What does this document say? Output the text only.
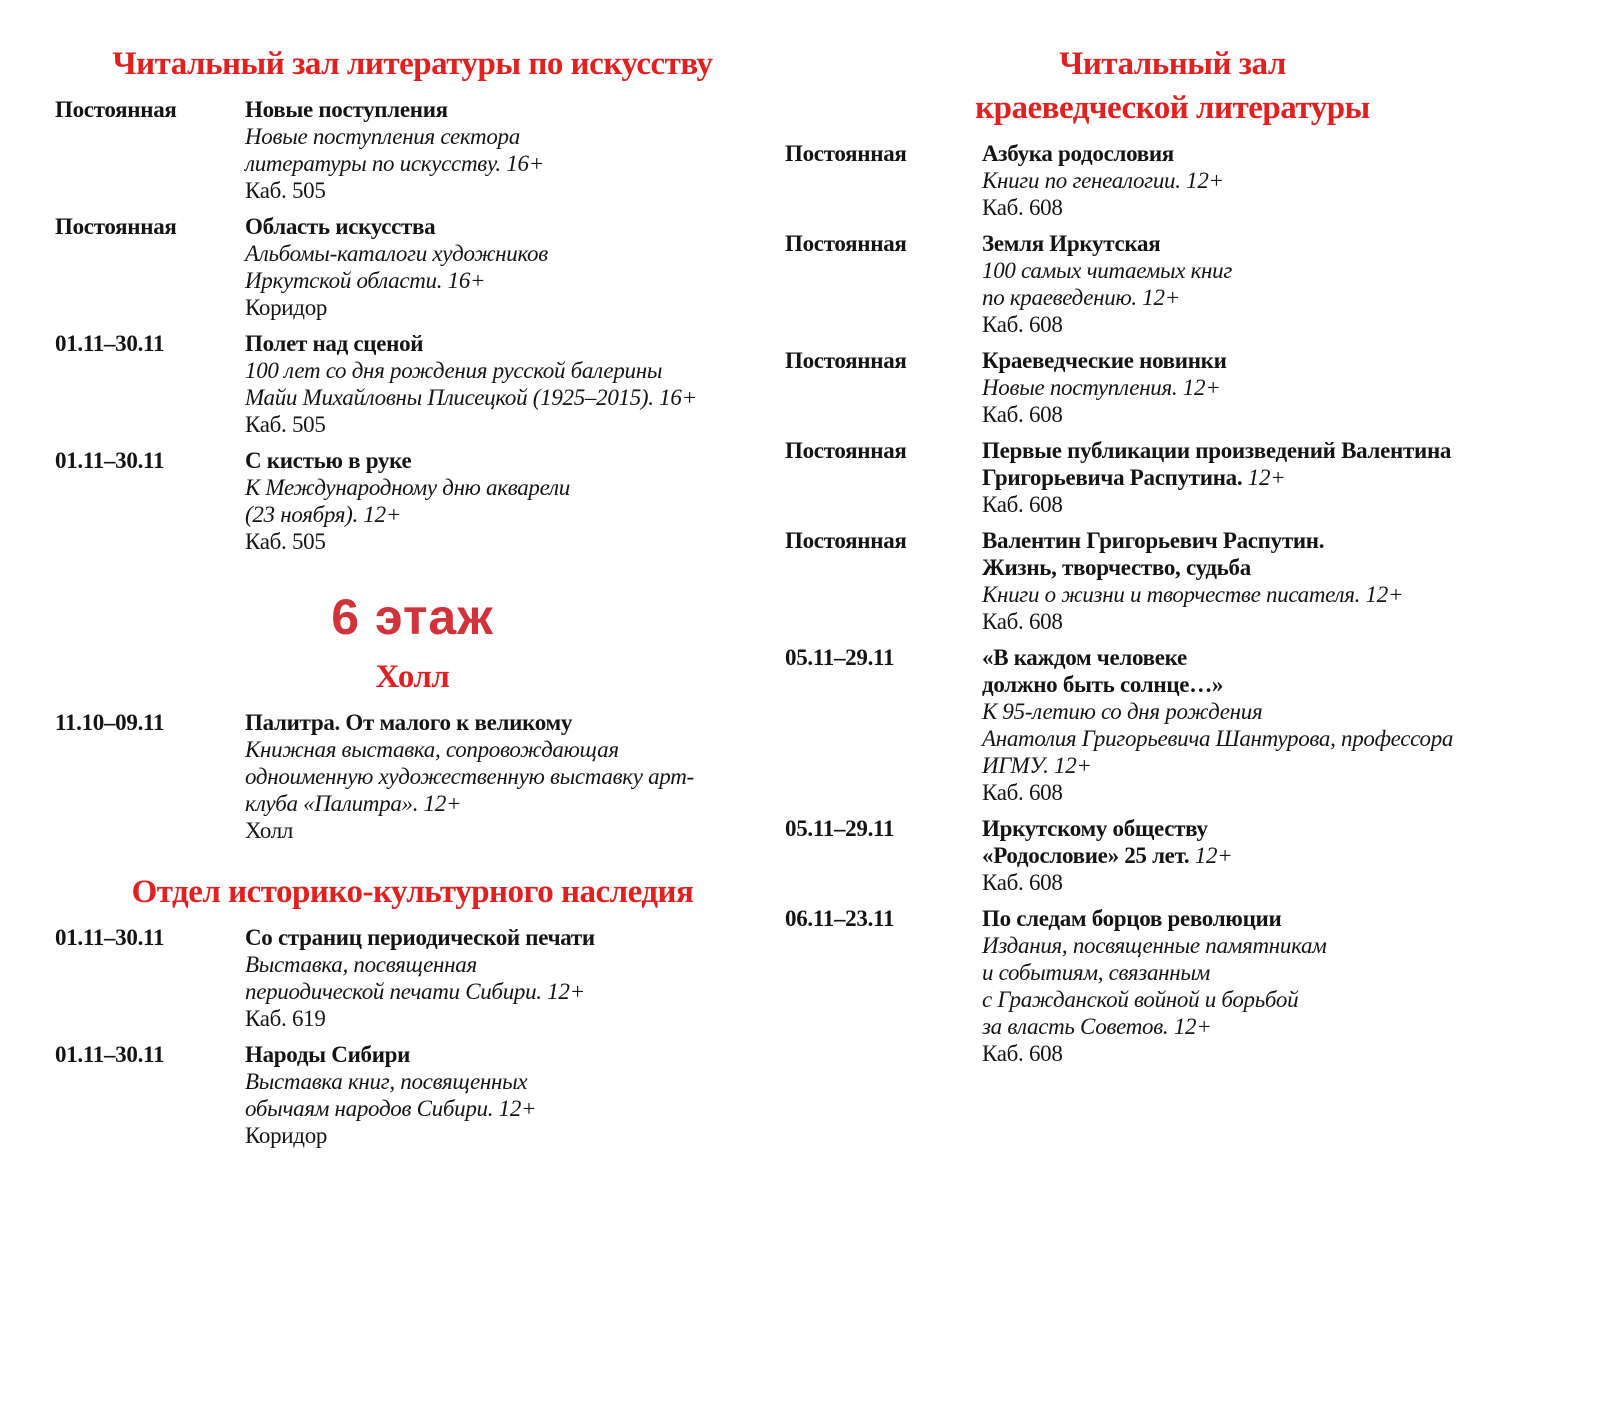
Читальный зал литературы по искусству
Постоянная	Новые поступления
Новые поступления сектора
литературы по искусству. 16+
Каб. 505
Постоянная	Область искусства
Альбомы-каталоги художников
Иркутской области. 16+
Коридор
01.11–30.11	Полет над сценой
100 лет со дня рождения русской балерины
Майи Михайловны Плисецкой (1925–2015). 16+
Каб. 505
01.11–30.11	С кистью в руке
К Международному дню акварели
(23 ноября). 12+
Каб. 505
6 этаж
Холл
11.10–09.11	Палитра. От малого к великому
Книжная выставка, сопровождающая
одноименную художественную выставку арт-
клуба «Палитра». 12+
Холл
Отдел историко-культурного наследия
01.11–30.11	Со страниц периодической печати
Выставка, посвященная
периодической печати Сибири. 12+
Каб. 619
01.11–30.11	Народы Сибири
Выставка книг, посвященных
обычаям народов Сибири. 12+
Коридор
Читальный зал
краеведческой литературы
Постоянная	Азбука родословия
Книги по генеалогии. 12+
Каб. 608
Постоянная	Земля Иркутская
100 самых читаемых книг
по краеведению. 12+
Каб. 608
Постоянная	Краеведческие новинки
Новые поступления. 12+
Каб. 608
Постоянная	Первые публикации произведений Валентина
Григорьевича Распутина. 12+
Каб. 608
Постоянная	Валентин Григорьевич Распутин.
Жизнь, творчество, судьба
Книги о жизни и творчестве писателя. 12+
Каб. 608
05.11–29.11	«В каждом человеке
должно быть солнце…»
К 95-летию со дня рождения
Анатолия Григорьевича Шантурова, профессора
ИГМУ. 12+
Каб. 608
05.11–29.11	Иркутскому обществу
«Родословие» 25 лет. 12+
Каб. 608
06.11–23.11	По следам борцов революции
Издания, посвященные памятникам
и событиям, связанным
с Гражданской войной и борьбой
за власть Советов. 12+
Каб. 608
